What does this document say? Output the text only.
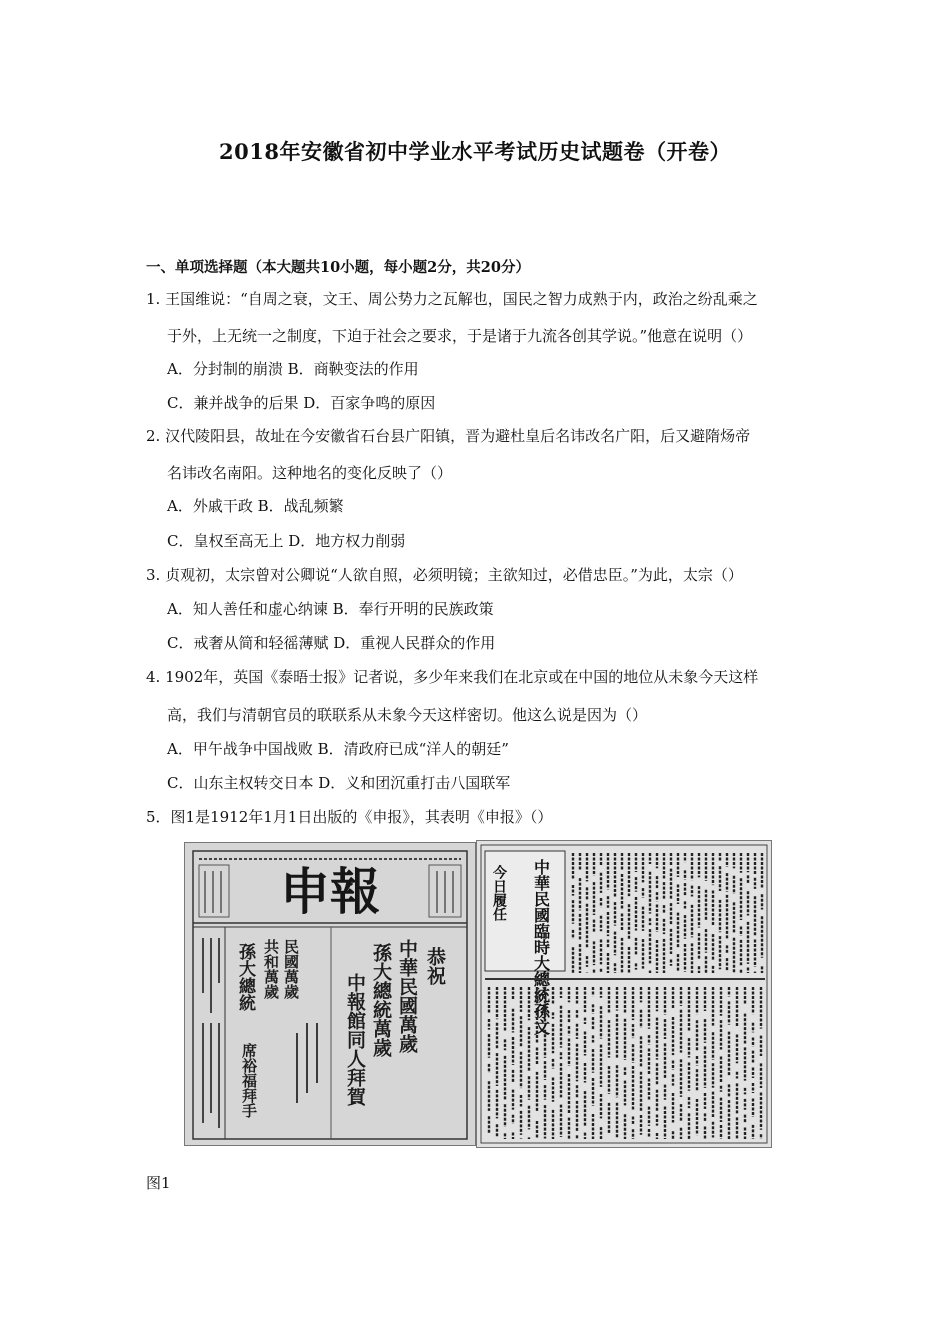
2018年安徽省初中学业水平考试历史试题卷（开卷）
一、单项选择题（本大题共10小题，每小题2分，共20分）
1. 王国维说：“自周之衰，文王、周公势力之瓦解也，国民之智力成熟于内，政治之纷乱乘之
于外，上无统一之制度，下迫于社会之要求，于是诸于九流各创其学说。”他意在说明（）
A．分封制的崩溃 B．商鞅变法的作用
C．兼并战争的后果 D．百家争鸣的原因
2. 汉代陵阳县，故址在今安徽省石台县广阳镇，晋为避杜皇后名讳改名广阳，后又避隋炀帝
名讳改名南阳。这种地名的变化反映了（）
A．外戚干政 B．战乱频繁
C．皇权至高无上 D．地方权力削弱
3. 贞观初，太宗曾对公卿说“人欲自照，必须明镜；主欲知过，必借忠臣。”为此，太宗（）
A．知人善任和虚心纳谏 B．奉行开明的民族政策
C．戒奢从简和轻徭薄赋 D．重视人民群众的作用
4. 1902年，英国《泰晤士报》记者说，多少年来我们在北京或在中国的地位从未象今天这样
高，我们与清朝官员的联联系从未象今天这样密切。他这么说是因为（）
A．甲午战争中国战败 B．清政府已成“洋人的朝廷”
C．山东主权转交日本 D．义和团沉重打击八国联军
5．图1是1912年1月1日出版的《申报》，其表明《申报》（）
申報
恭祝
中華民國萬歲
孫大總統萬歲
中報館同人拜賀
共和萬歲 民國萬歲
孫大總統
席裕福拜手
中華民國臨時大總統孫文
今日履任
图1
